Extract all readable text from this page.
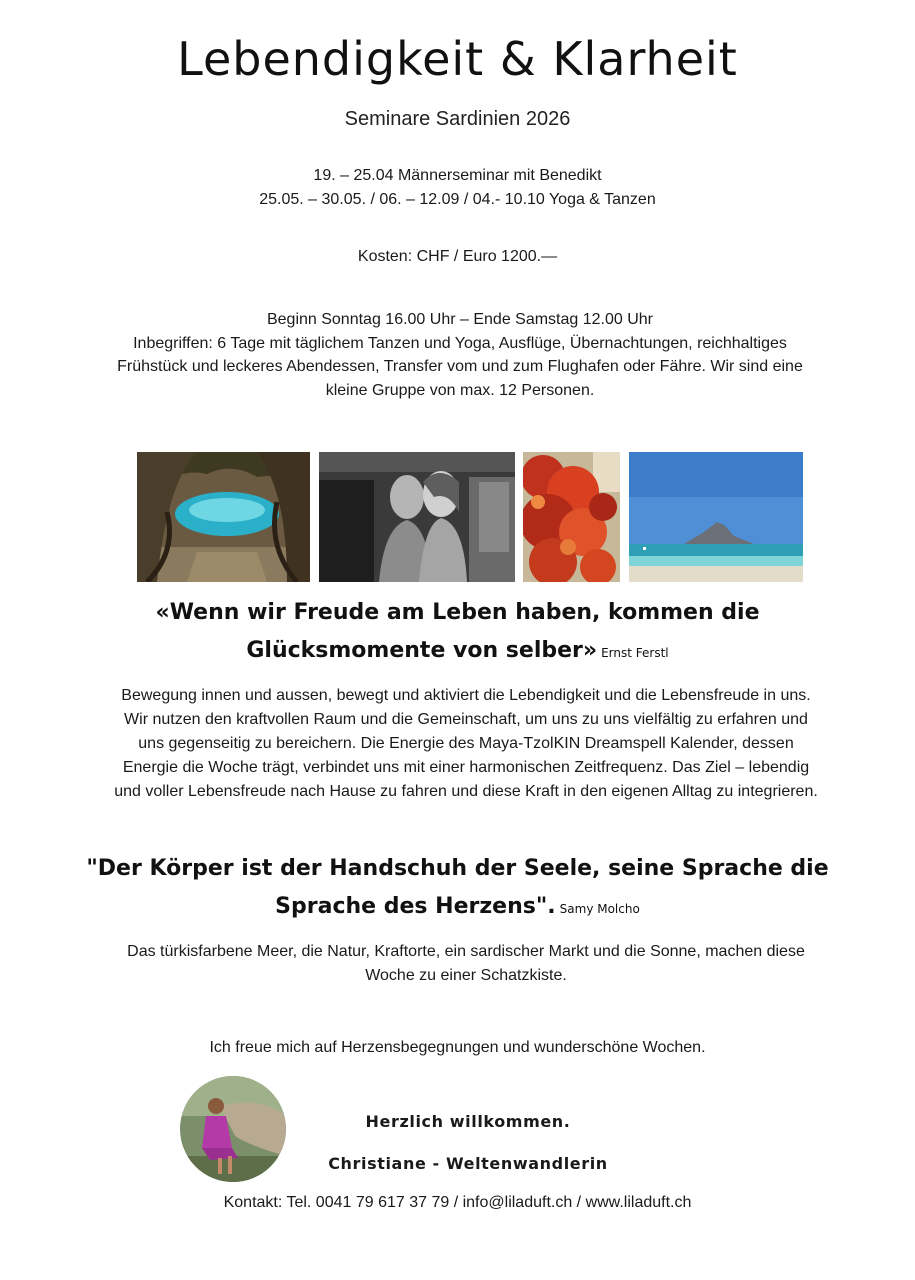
Lebendigkeit & Klarheit
Seminare Sardinien 2026
19. – 25.04 Männerseminar mit Benedikt
25.05. – 30.05. / 06. – 12.09 / 04.- 10.10 Yoga & Tanzen
Kosten: CHF / Euro 1200.—
Beginn Sonntag 16.00 Uhr – Ende Samstag 12.00 Uhr
Inbegriffen: 6 Tage mit täglichem Tanzen und Yoga, Ausflüge, Übernachtungen, reichhaltiges Frühstück und leckeres Abendessen, Transfer vom und zum Flughafen oder Fähre. Wir sind eine kleine Gruppe von max. 12 Personen.
«Wenn wir Freude am Leben haben, kommen die Glücksmomente von selber» Ernst Ferstl
Bewegung innen und aussen, bewegt und aktiviert die Lebendigkeit und die Lebensfreude in uns. Wir nutzen den kraftvollen Raum und die Gemeinschaft, um uns zu uns vielfältig zu erfahren und uns gegenseitig zu bereichern. Die Energie des Maya-TzolKIN Dreamspell Kalender, dessen Energie die Woche trägt, verbindet uns mit einer harmonischen Zeitfrequenz. Das Ziel – lebendig und voller Lebensfreude nach Hause zu fahren und diese Kraft in den eigenen Alltag zu integrieren.
"Der Körper ist der Handschuh der Seele, seine Sprache die Sprache des Herzens". Samy Molcho
Das türkisfarbene Meer, die Natur, Kraftorte, ein sardischer Markt und die Sonne, machen diese Woche zu einer Schatzkiste.
Ich freue mich auf Herzensbegegnungen und wunderschöne Wochen.
Herzlich willkommen.
Christiane - Weltenwandlerin
Kontakt: Tel. 0041 79 617 37 79 / info@liladuft.ch / www.liladuft.ch
